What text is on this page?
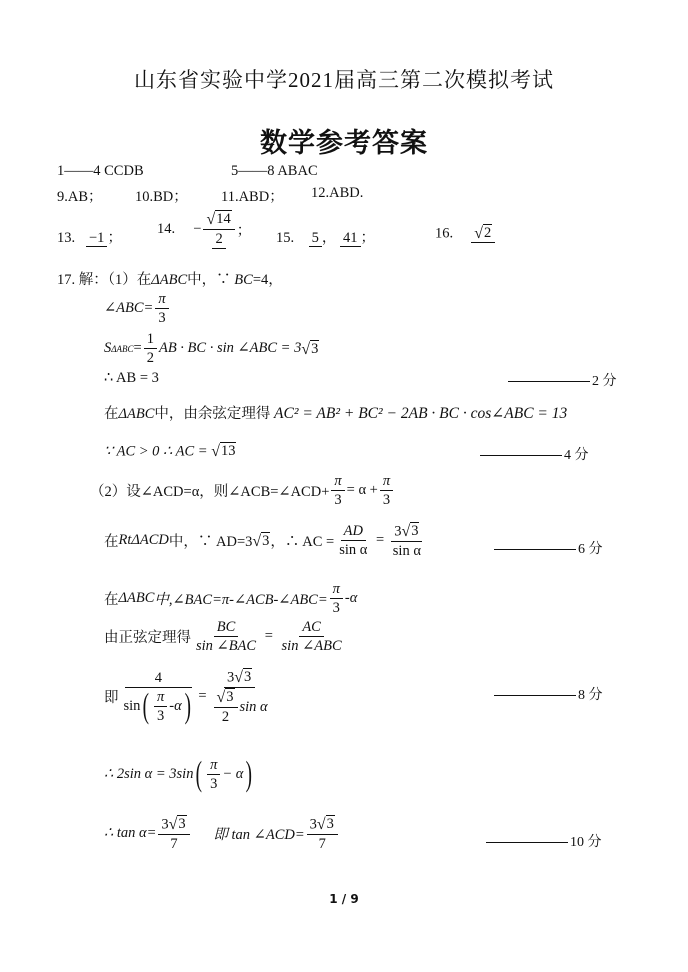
山东省实验中学2021届高三第二次模拟考试
数学参考答案
1——4 CCDB	5——8 ABAC
9.AB； 10.BD； 11.ABD； 12.ABD.
13. −1 ；
14.
− $\frac{√ 14}{2}$ ； 15. 5 ， 41 ；	16. √ 2
17. 解：（1）在ΔABC中，∵ BC=4，
∠ABC= $\frac{\pi}{3}$
S $\Delta ABC = \frac{1}{2}$ AB · BC · sin ∠ABC = 3 √ 3
∴ AB = 3	2 分
在ΔABC中，由余弦定理得 AC² = AB² + BC² − 2AB · BC · cos∠ABC = 13
∵ AC > 0 ∴ AC = √ 13	4 分
（2）设∠ACD=α，则∠ACB=∠ACD+ $\frac{\pi}{3} = \alpha + \frac{\pi}{3}$
在 RtΔACD 中，∵ AD=3 √ 3 ，∴ AC = $\frac{AD}{\text{sin α}} = \frac{3 √ 3}{\text{sin α}}$	6 分
在 ΔABC 中,∠BAC=π-∠ACB-∠ABC= $\frac{\pi}{3} -\alpha$
由正弦定理得 $\frac{BC}{\text{sin ∠BAC}}$
=
$\frac{AC}{\text{sin ∠ABC}}$
即 $\frac{4}{\sin ( \frac{\pi}{3} -\alpha )} = \frac{3 √ 3}{\frac{√ 3}{2} \sin \alpha}$	8 分
∴ 2sin α = 3sin ( $\frac{\pi}{3} - \alpha$ )
∴ $\tan \alpha= \frac{3 √ 3}{7}$
即 tan ∠ACD= $\frac{3 √ 3}{7}$	10 分
1 / 9
